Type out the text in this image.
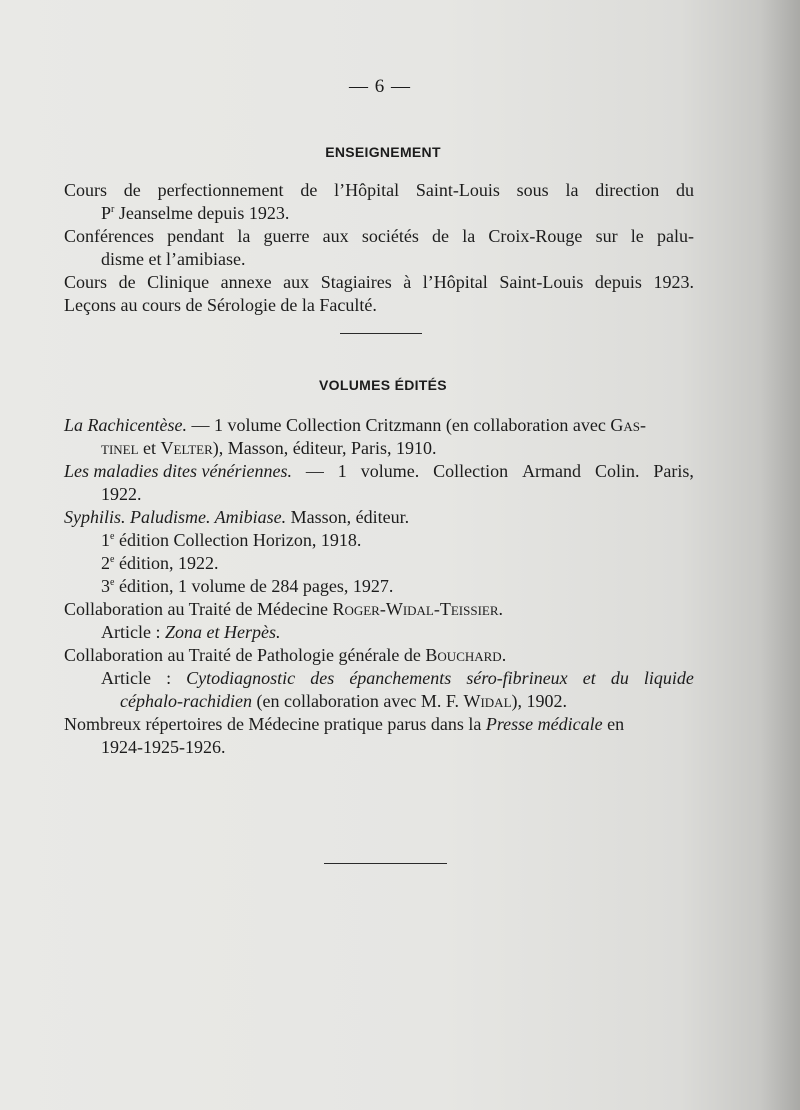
— 6 —
ENSEIGNEMENT
Cours de perfectionnement de l’Hôpital Saint-Louis sous la direction du
$P^r$ Jeanselme depuis 1923.
Conférences pendant la guerre aux sociétés de la Croix-Rouge sur le palu-
disme et l’amibiase.
Cours de Clinique annexe aux Stagiaires à l’Hôpital Saint-Louis depuis 1923.
Leçons au cours de Sérologie de la Faculté.
VOLUMES ÉDITÉS
La Rachicentèse. — 1 volume Collection Critzmann (en collaboration avec Gas-
tinel et Velter), Masson, éditeur, Paris, 1910.
Les maladies dites vénériennes. — 1 volume. Collection Armand Colin. Paris,
1922.
Syphilis. Paludisme. Amibiase. Masson, éditeur.
1e édition Collection Horizon, 1918.
2e édition, 1922.
3e édition, 1 volume de 284 pages, 1927.
Collaboration au Traité de Médecine Roger-Widal-Teissier.
Article : Zona et Herpès.
Collaboration au Traité de Pathologie générale de Bouchard.
Article : Cytodiagnostic des épanchements séro-fibrineux et du liquide
céphalo-rachidien (en collaboration avec M. F. Widal), 1902.
Nombreux répertoires de Médecine pratique parus dans la Presse médicale en
1924-1925-1926.
